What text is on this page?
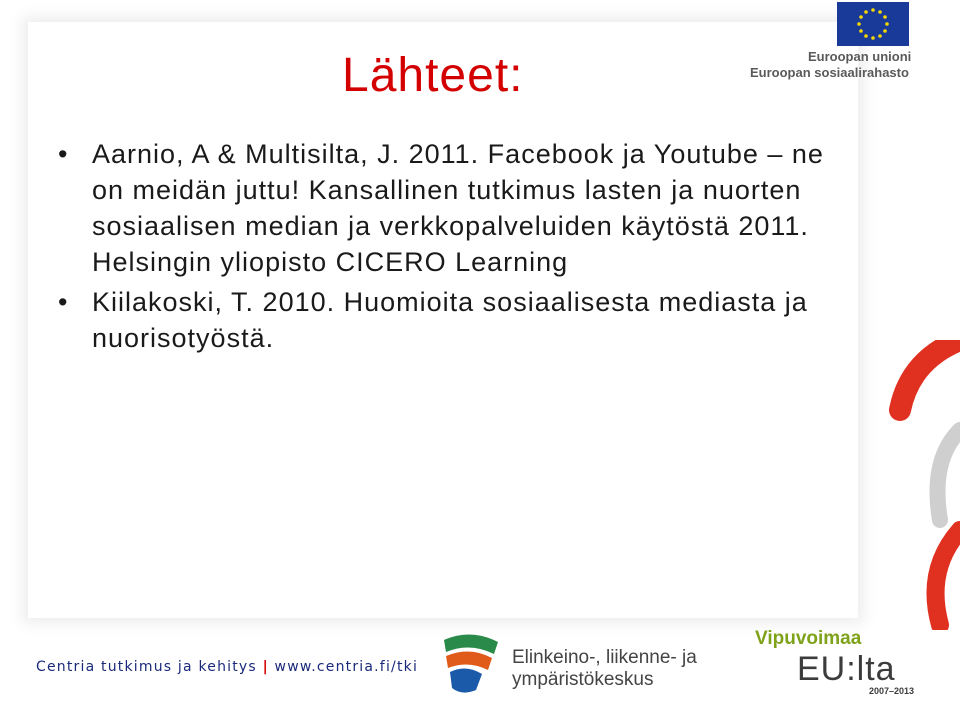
Lähteet:
• Aarnio, A & Multisilta, J. 2011. Facebook ja Youtube – ne on meidän juttu! Kansallinen tutkimus lasten ja nuorten sosiaalisen median ja verkkopalveluiden käytöstä 2011. Helsingin yliopisto CICERO Learning
• Kiilakoski, T. 2010. Huomioita sosiaalisesta mediasta ja nuorisotyöstä.
Euroopan unioni
Euroopan sosiaalirahasto
Centria tutkimus ja kehitys | www.centria.fi/tki	Elinkeino-, liikenne- ja
ympäristökeskus
Vipuvoimaa
EU:lta
2007–2013
